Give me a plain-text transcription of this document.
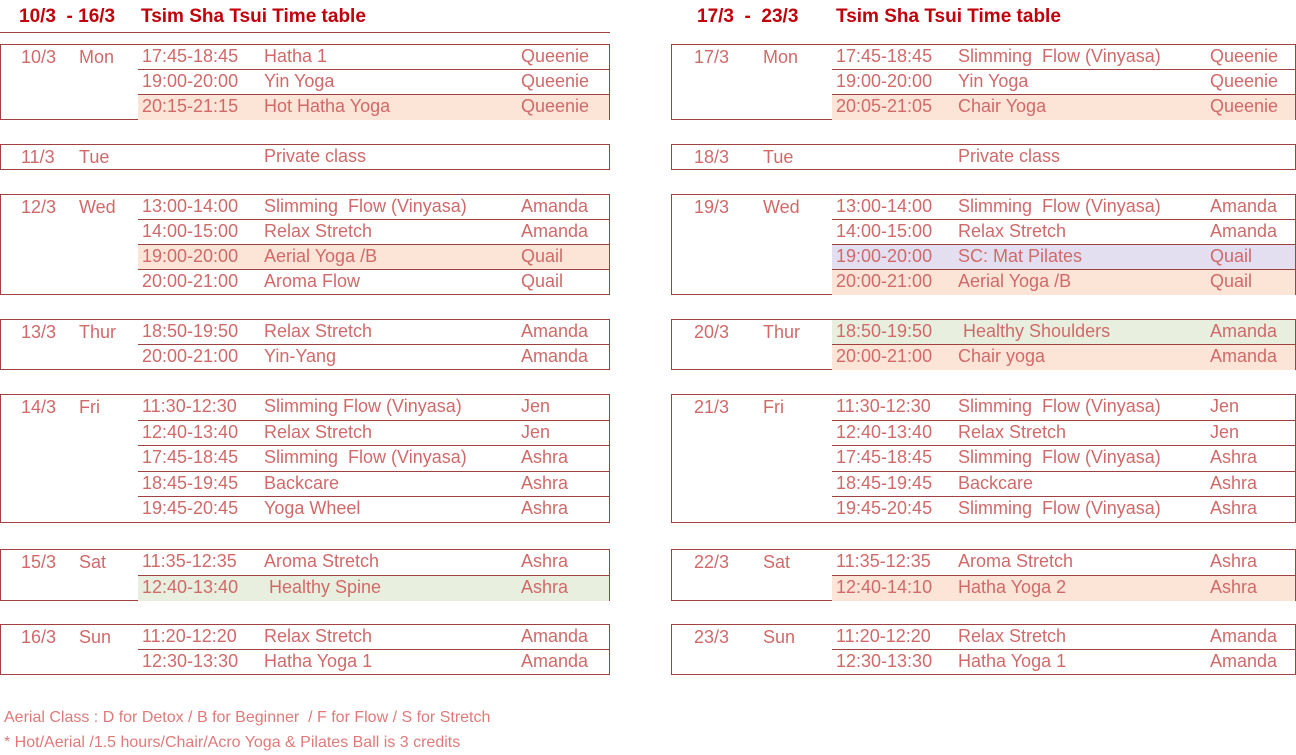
10/3  - 16/3 Tsim Sha Tsui Time table
10/3 Mon 17:45-18:45 Hatha 1	Queenie
19:00-20:00 Yin Yoga	Queenie
20:15-21:15 Hot Hatha Yoga	Queenie
11/3 Tue	Private class
12/3 Wed 13:00-14:00 Slimming  Flow (Vinyasa)	Amanda
14:00-15:00 Relax Stretch	Amanda
19:00-20:00 Aerial Yoga /B	Quail
20:00-21:00 Aroma Flow	Quail
13/3 Thur 18:50-19:50 Relax Stretch	Amanda
20:00-21:00 Yin-Yang	Amanda
14/3 Fri 11:30-12:30 Slimming Flow (Vinyasa)	Jen
12:40-13:40 Relax Stretch	Jen
17:45-18:45 Slimming  Flow (Vinyasa)	Ashra
18:45-19:45 Backcare	Ashra
19:45-20:45 Yoga Wheel	Ashra
15/3 Sat 11:35-12:35 Aroma Stretch	Ashra
12:40-13:40 Healthy Spine	Ashra
16/3 Sun 11:20-12:20 Relax Stretch	Amanda
12:30-13:30 Hatha Yoga 1	Amanda
17/3  -  23/3 Tsim Sha Tsui Time table
17/3 Mon 17:45-18:45 Slimming  Flow (Vinyasa)	Queenie
19:00-20:00 Yin Yoga	Queenie
20:05-21:05 Chair Yoga	Queenie
18/3 Tue	Private class
19/3 Wed 13:00-14:00 Slimming  Flow (Vinyasa)	Amanda
14:00-15:00 Relax Stretch	Amanda
19:00-20:00 SC: Mat Pilates	Quail
20:00-21:00 Aerial Yoga /B	Quail
20/3 Thur 18:50-19:50 Healthy Shoulders	Amanda
20:00-21:00 Chair yoga	Amanda
21/3 Fri	11:30-12:30 Slimming  Flow (Vinyasa)	Jen
12:40-13:40 Relax Stretch	Jen
17:45-18:45 Slimming  Flow (Vinyasa)	Ashra
18:45-19:45 Backcare	Ashra
19:45-20:45 Slimming  Flow (Vinyasa)	Ashra
22/3 Sat	11:35-12:35 Aroma Stretch	Ashra
12:40-14:10 Hatha Yoga 2	Ashra
23/3 Sun 11:20-12:20 Relax Stretch	Amanda
12:30-13:30 Hatha Yoga 1	Amanda
Aerial Class : D for Detox / B for Beginner  / F for Flow / S for Stretch
* Hot/Aerial /1.5 hours/Chair/Acro Yoga & Pilates Ball is 3 credits
